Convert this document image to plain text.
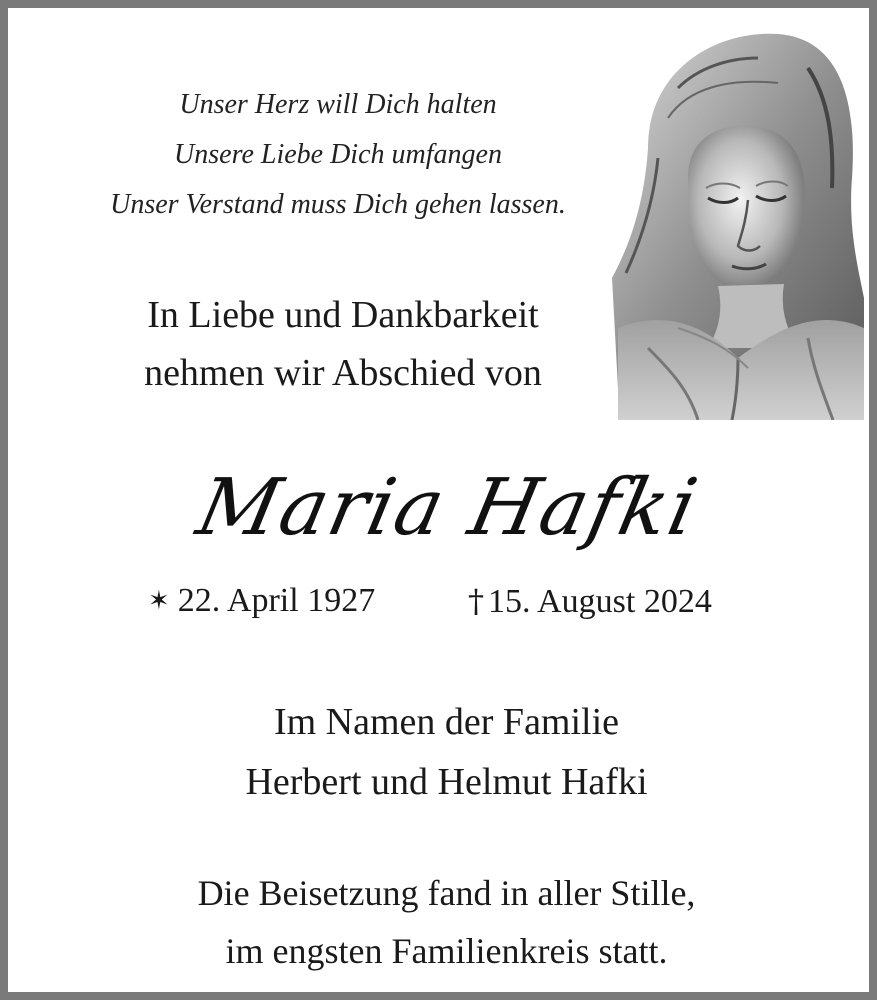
Unser Herz will Dich halten
Unsere Liebe Dich umfangen
Unser Verstand muss Dich gehen lassen.
In Liebe und Dankbarkeit
nehmen wir Abschied von
Maria Hafki
✶ 22. April 1927	† 15. August 2024
Im Namen der Familie
Herbert und Helmut Hafki
Die Beisetzung fand in aller Stille,
im engsten Familienkreis statt.
